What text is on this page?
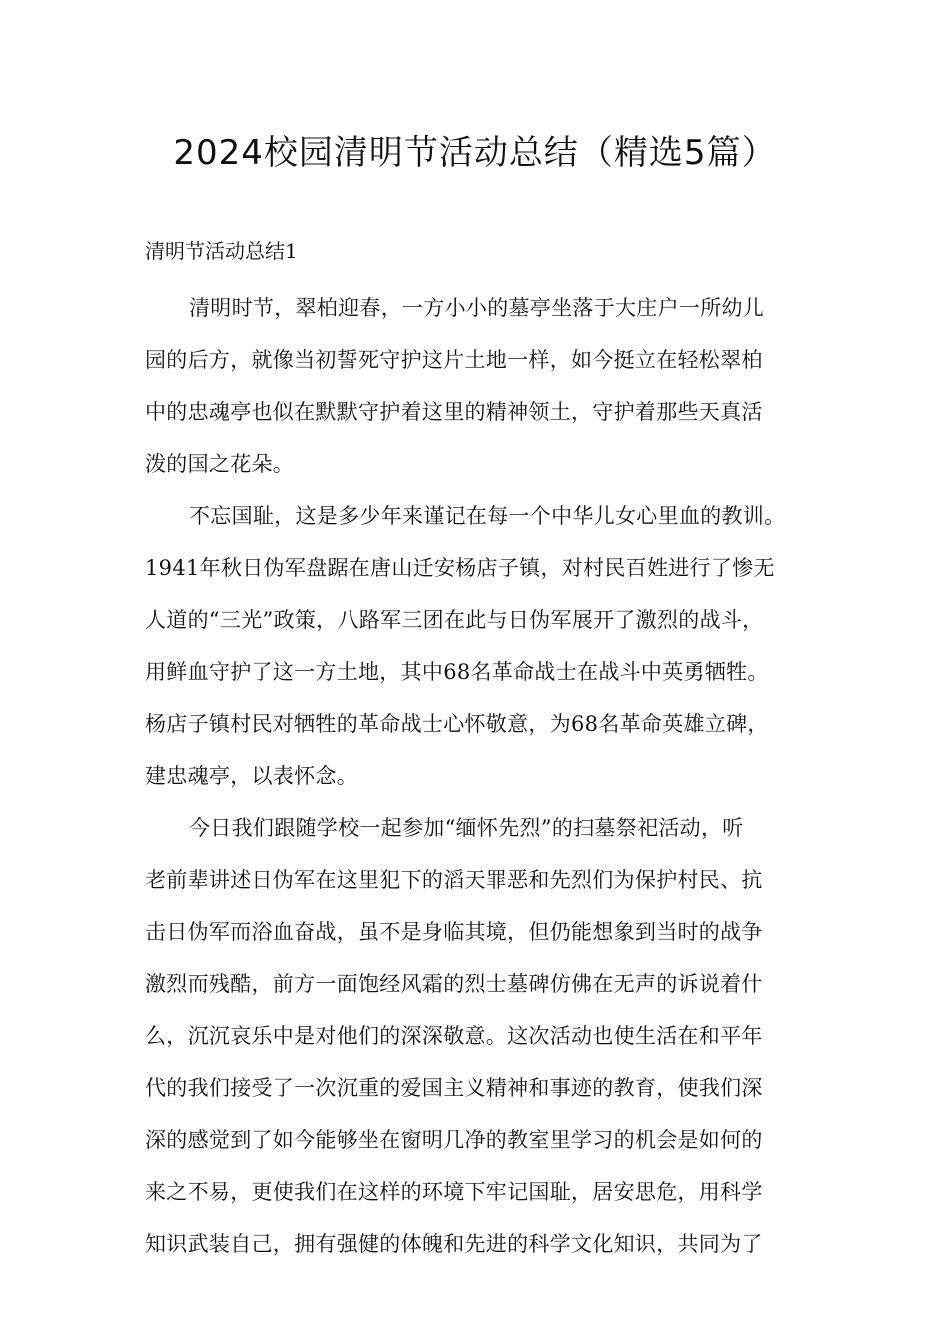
2024校园清明节活动总结（精选5篇）
清明节活动总结1
清明时节，翠柏迎春，一方小小的墓亭坐落于大庄户一所幼儿
园的后方，就像当初誓死守护这片土地一样，如今挺立在轻松翠柏
中的忠魂亭也似在默默守护着这里的精神领土，守护着那些天真活
泼的国之花朵。
不忘国耻，这是多少年来谨记在每一个中华儿女心里血的教训。
1941年秋日伪军盘踞在唐山迁安杨店子镇，对村民百姓进行了惨无
人道的“三光”政策，八路军三团在此与日伪军展开了激烈的战斗，
用鲜血守护了这一方土地，其中68名革命战士在战斗中英勇牺牲。
杨店子镇村民对牺牲的革命战士心怀敬意，为68名革命英雄立碑，
建忠魂亭，以表怀念。
今日我们跟随学校一起参加“缅怀先烈”的扫墓祭祀活动，听
老前辈讲述日伪军在这里犯下的滔天罪恶和先烈们为保护村民、抗
击日伪军而浴血奋战，虽不是身临其境，但仍能想象到当时的战争
激烈而残酷，前方一面饱经风霜的烈士墓碑仿佛在无声的诉说着什
么，沉沉哀乐中是对他们的深深敬意。这次活动也使生活在和平年
代的我们接受了一次沉重的爱国主义精神和事迹的教育，使我们深
深的感觉到了如今能够坐在窗明几净的教室里学习的机会是如何的
来之不易，更使我们在这样的环境下牢记国耻，居安思危，用科学
知识武装自己，拥有强健的体魄和先进的科学文化知识，共同为了
